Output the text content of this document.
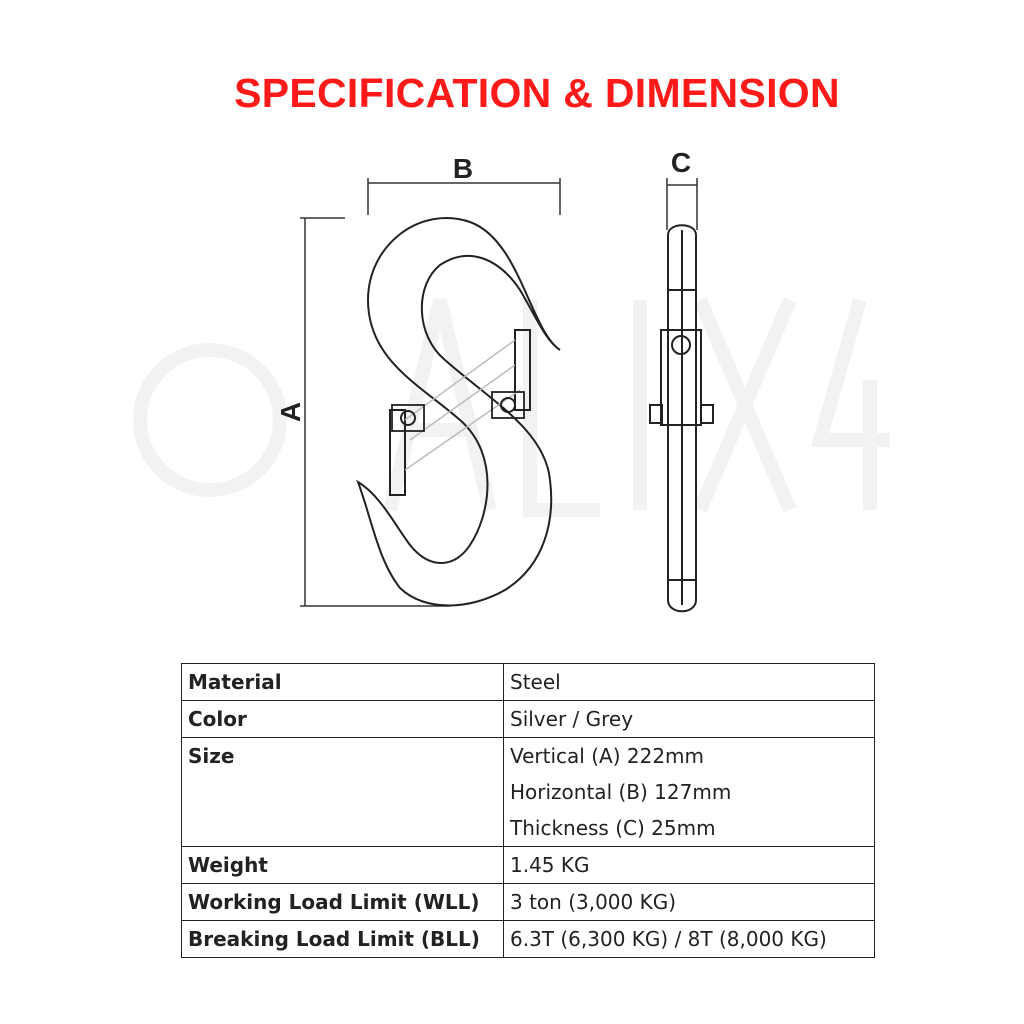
SPECIFICATION & DIMENSION
B
A
C
Material	Steel

Color	Silver / Grey

Size	Vertical (A) 222mm
Horizontal (B) 127mm
Thickness (C) 25mm

Weight	1.45 KG

Working Load Limit (WLL)	3 ton (3,000 KG)

Breaking Load Limit (BLL)	6.3T (6,300 KG) / 8T (8,000 KG)
